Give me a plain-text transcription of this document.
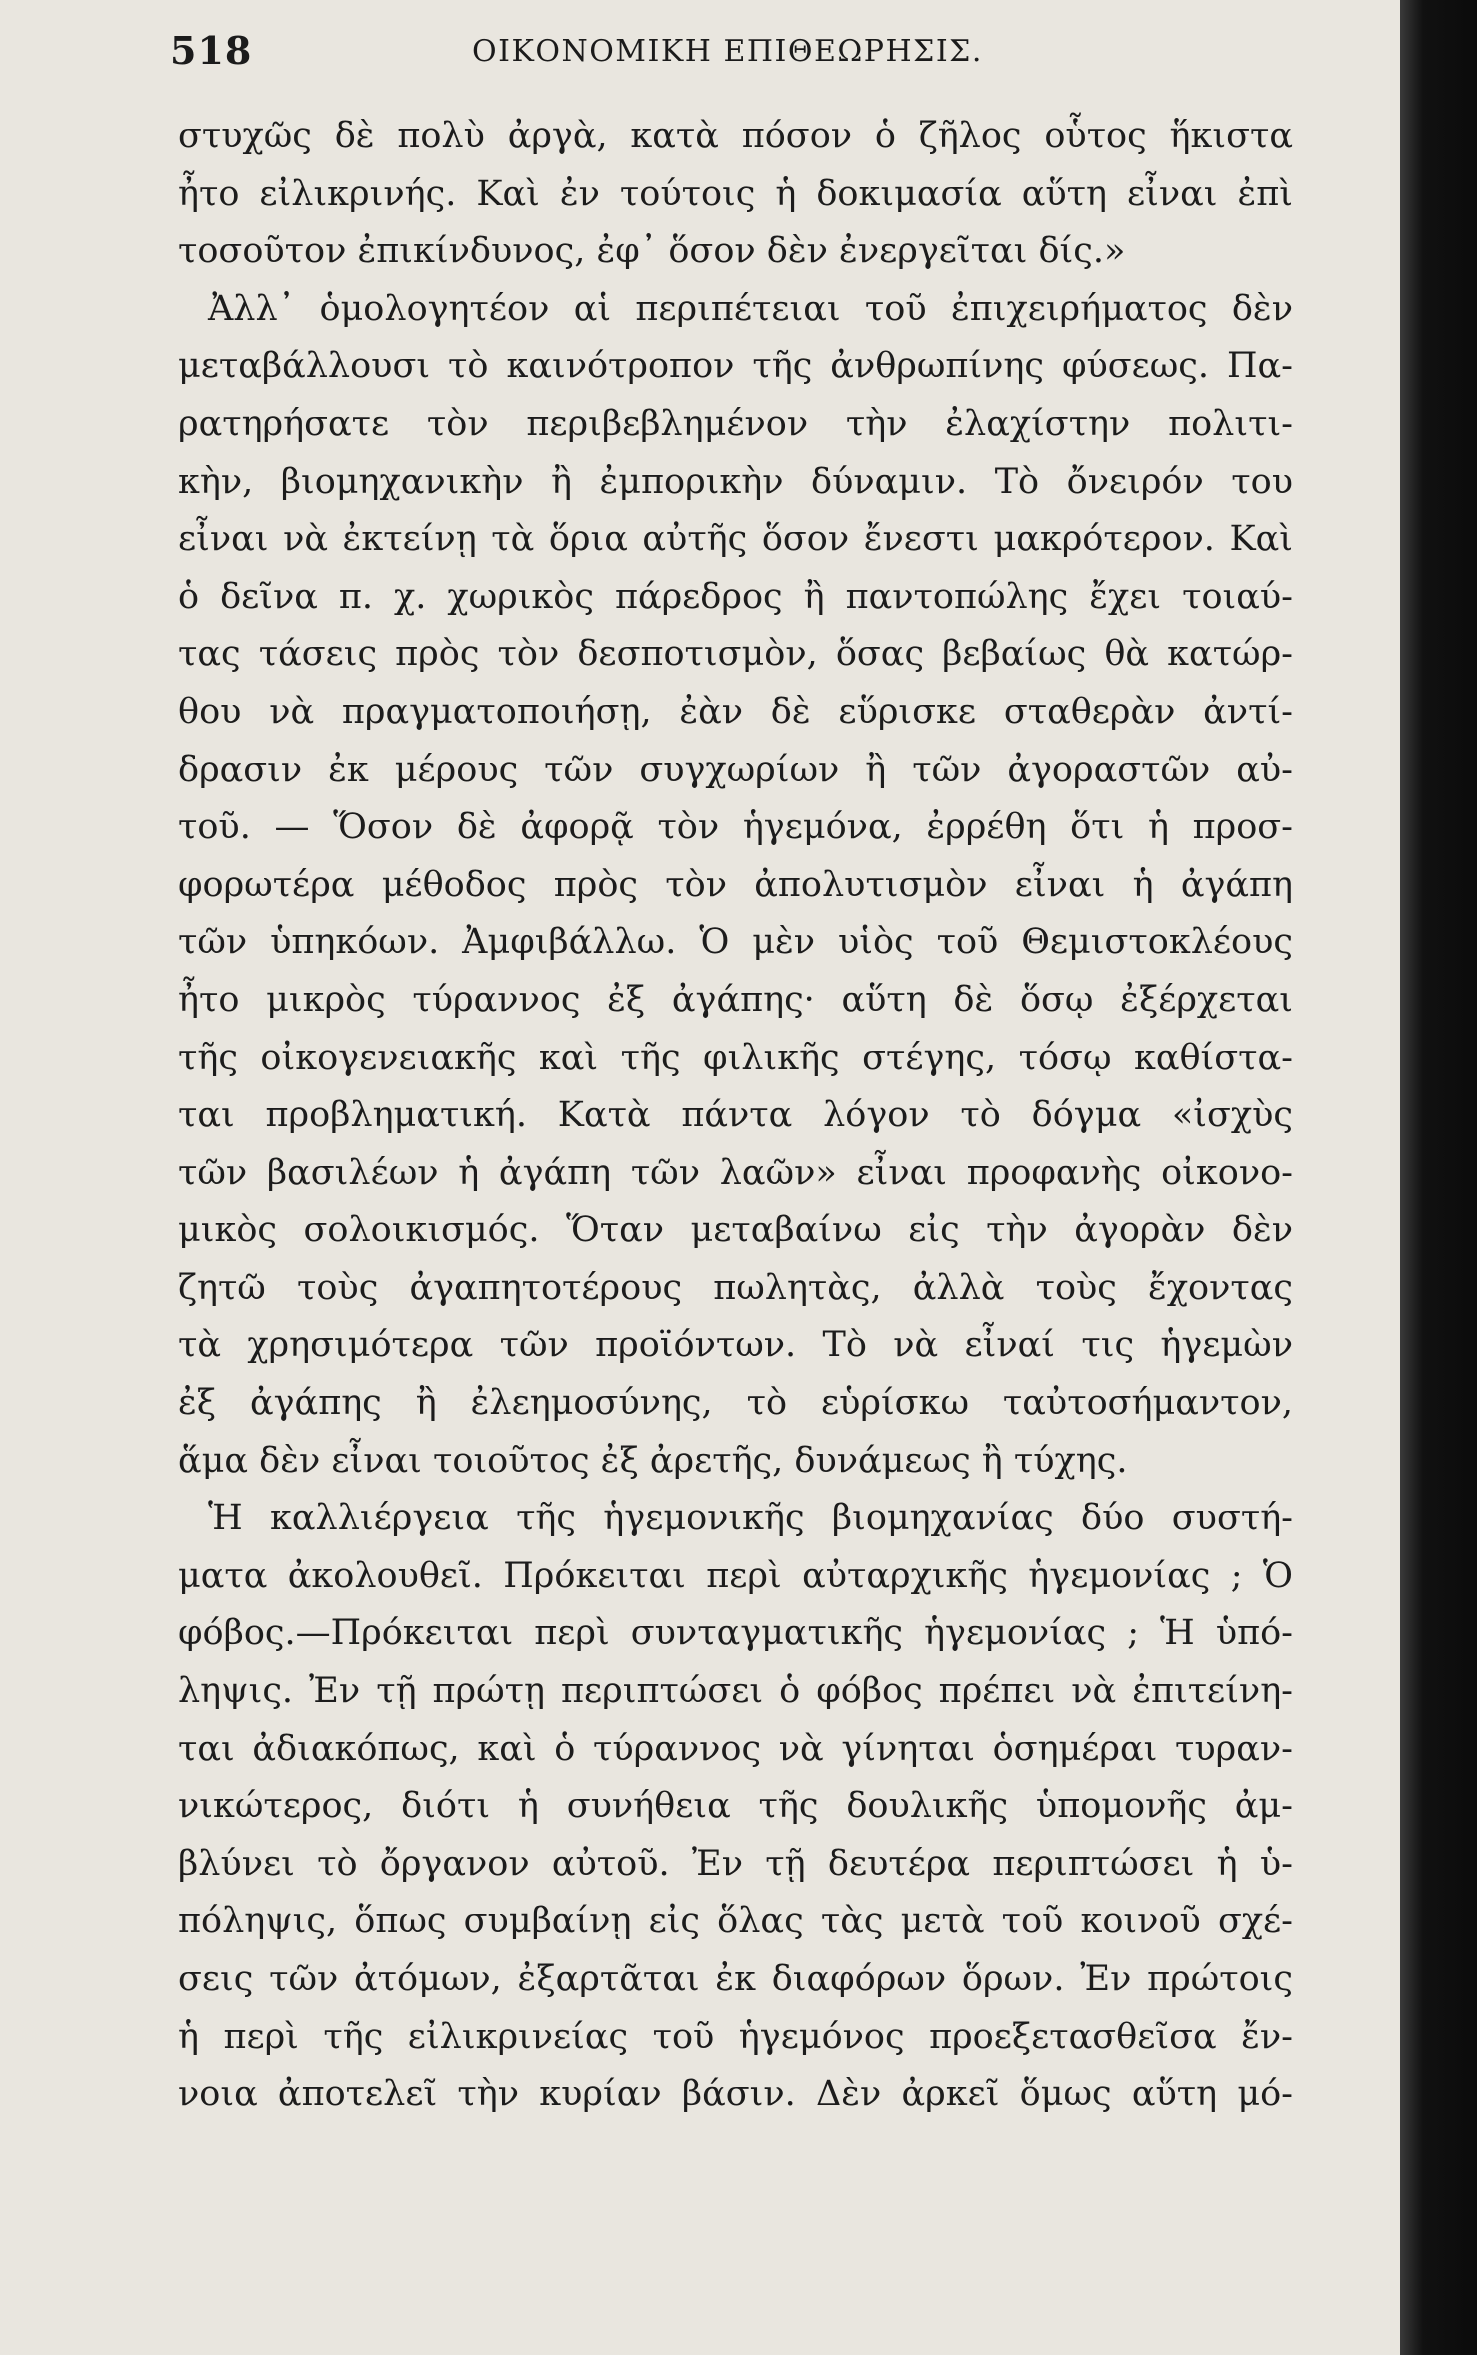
518	ΟΙΚΟΝΟΜΙΚΗ ΕΠΙΘΕΩΡΗΣΙΣ.
στυχῶς δὲ πολὺ ἀργὰ, κατὰ πόσον ὁ ζῆλος οὗτος ἥκιστα
ἦτο εἰλικρινής. Καὶ ἐν τούτοις ἡ δοκιμασία αὕτη εἶναι ἐπὶ
τοσοῦτον ἐπικίνδυνος, ἐφ᾽ ὅσον δὲν ἐνεργεῖται δίς.»
Ἀλλ᾽ ὁμολογητέον αἱ περιπέτειαι τοῦ ἐπιχειρήματος δὲν
μεταβάλλουσι τὸ καινότροπον τῆς ἀνθρωπίνης φύσεως. Πα-
ρατηρήσατε τὸν περιβεβλημένον τὴν ἐλαχίστην πολιτι-
κὴν, βιομηχανικὴν ἢ ἐμπορικὴν δύναμιν. Τὸ ὄνειρόν του
εἶναι νὰ ἐκτείνῃ τὰ ὅρια αὐτῆς ὅσον ἔνεστι μακρότερον. Καὶ
ὁ δεῖνα π. χ. χωρικὸς πάρεδρος ἢ παντοπώλης ἔχει τοιαύ-
τας τάσεις πρὸς τὸν δεσποτισμὸν, ὅσας βεβαίως θὰ κατώρ-
θου νὰ πραγματοποιήσῃ, ἐὰν δὲ εὕρισκε σταθερὰν ἀντί-
δρασιν ἐκ μέρους τῶν συγχωρίων ἢ τῶν ἀγοραστῶν αὐ-
τοῦ. — Ὅσον δὲ ἀφορᾷ τὸν ἡγεμόνα, ἐρρέθη ὅτι ἡ προσ-
φορωτέρα μέθοδος πρὸς τὸν ἀπολυτισμὸν εἶναι ἡ ἀγάπη
τῶν ὑπηκόων. Ἀμφιβάλλω. Ὁ μὲν υἱὸς τοῦ Θεμιστοκλέους
ἦτο μικρὸς τύραννος ἐξ ἀγάπης· αὕτη δὲ ὅσῳ ἐξέρχεται
τῆς οἰκογενειακῆς καὶ τῆς φιλικῆς στέγης, τόσῳ καθίστα-
ται προβληματική. Κατὰ πάντα λόγον τὸ δόγμα «ἰσχὺς
τῶν βασιλέων ἡ ἀγάπη τῶν λαῶν» εἶναι προφανὴς οἰκονο-
μικὸς σολοικισμός. Ὅταν μεταβαίνω εἰς τὴν ἀγορὰν δὲν
ζητῶ τοὺς ἀγαπητοτέρους πωλητὰς, ἀλλὰ τοὺς ἔχοντας
τὰ χρησιμότερα τῶν προϊόντων. Τὸ νὰ εἶναί τις ἡγεμὼν
ἐξ ἀγάπης ἢ ἐλεημοσύνης, τὸ εὑρίσκω ταὐτοσήμαντον,
ἅμα δὲν εἶναι τοιοῦτος ἐξ ἀρετῆς, δυνάμεως ἢ τύχης.
Ἡ καλλιέργεια τῆς ἡγεμονικῆς βιομηχανίας δύο συστή-
ματα ἀκολουθεῖ. Πρόκειται περὶ αὐταρχικῆς ἡγεμονίας ; Ὁ
φόβος.—Πρόκειται περὶ συνταγματικῆς ἡγεμονίας ; Ἡ ὑπό-
ληψις. Ἐν τῇ πρώτῃ περιπτώσει ὁ φόβος πρέπει νὰ ἐπιτείνη-
ται ἀδιακόπως, καὶ ὁ τύραννος νὰ γίνηται ὁσημέραι τυραν-
νικώτερος, διότι ἡ συνήθεια τῆς δουλικῆς ὑπομονῆς ἀμ-
βλύνει τὸ ὄργανον αὐτοῦ. Ἐν τῇ δευτέρα περιπτώσει ἡ ὑ-
πόληψις, ὅπως συμβαίνῃ εἰς ὅλας τὰς μετὰ τοῦ κοινοῦ σχέ-
σεις τῶν ἀτόμων, ἐξαρτᾶται ἐκ διαφόρων ὅρων. Ἐν πρώτοις
ἡ περὶ τῆς εἰλικρινείας τοῦ ἡγεμόνος προεξετασθεῖσα ἔν-
νοια ἀποτελεῖ τὴν κυρίαν βάσιν. Δὲν ἀρκεῖ ὅμως αὕτη μό-
